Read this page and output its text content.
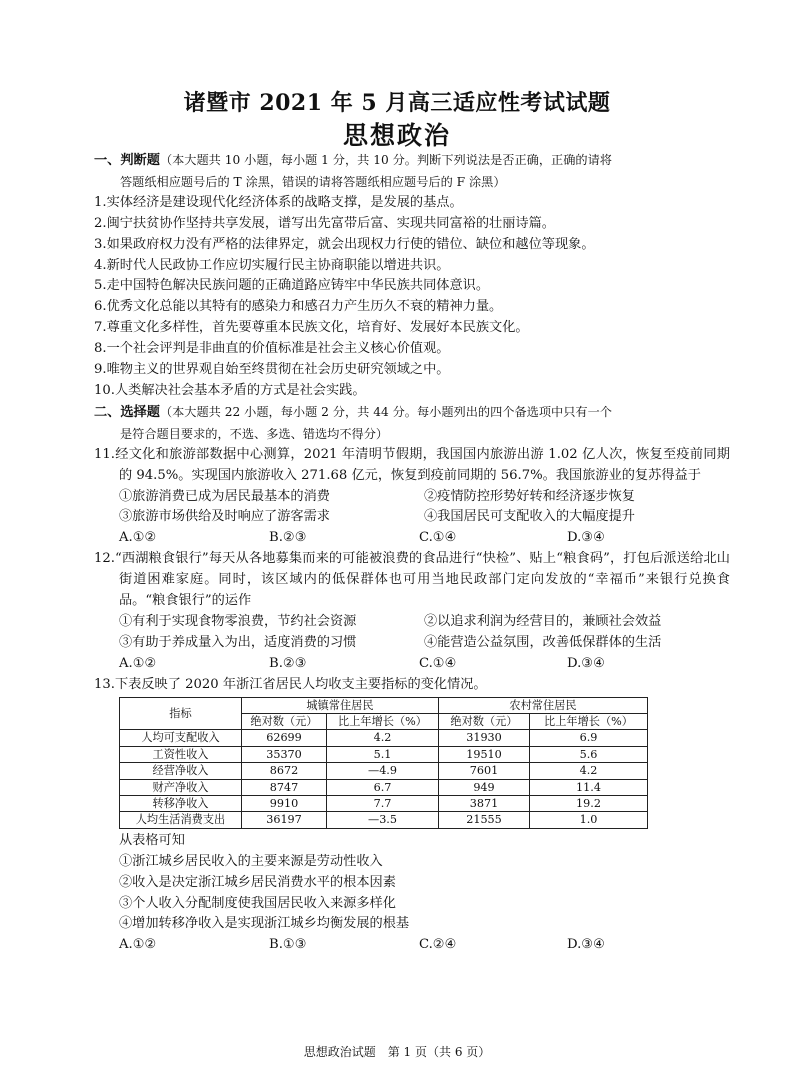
诸暨市 2021 年 5 月高三适应性考试试题
思想政治
一、判断题（本大题共 10 小题，每小题 1 分，共 10 分。判断下列说法是否正确，正确的请将
答题纸相应题号后的 T 涂黑，错误的请将答题纸相应题号后的 F 涂黑）
1.实体经济是建设现代化经济体系的战略支撑，是发展的基点。
2.闽宁扶贫协作坚持共享发展，谱写出先富带后富、实现共同富裕的壮丽诗篇。
3.如果政府权力没有严格的法律界定，就会出现权力行使的错位、缺位和越位等现象。
4.新时代人民政协工作应切实履行民主协商职能以增进共识。
5.走中国特色解决民族问题的正确道路应铸牢中华民族共同体意识。
6.优秀文化总能以其特有的感染力和感召力产生历久不衰的精神力量。
7.尊重文化多样性，首先要尊重本民族文化，培育好、发展好本民族文化。
8.一个社会评判是非曲直的价值标准是社会主义核心价值观。
9.唯物主义的世界观自始至终贯彻在社会历史研究领域之中。
10.人类解决社会基本矛盾的方式是社会实践。
二、选择题（本大题共 22 小题，每小题 2 分，共 44 分。每小题列出的四个备选项中只有一个
是符合题目要求的，不选、多选、错选均不得分）
11.经文化和旅游部数据中心测算，2021 年清明节假期，我国国内旅游出游 1.02 亿人次，恢复至疫前同期的 94.5%。实现国内旅游收入 271.68 亿元，恢复到疫前同期的 56.7%。我国旅游业的复苏得益于
①旅游消费已成为居民最基本的消费	②疫情防控形势好转和经济逐步恢复
③旅游市场供给及时响应了游客需求	④我国居民可支配收入的大幅度提升
A.①②	B.②③	C.①④	D.③④
12.“西湖粮食银行”每天从各地募集而来的可能被浪费的食品进行“快检”、贴上“粮食码”，打包后派送给北山街道困难家庭。同时，该区域内的低保群体也可用当地民政部门定向发放的“幸福币”来银行兑换食品。“粮食银行”的运作
①有利于实现食物零浪费，节约社会资源	②以追求利润为经营目的，兼顾社会效益
③有助于养成量入为出，适度消费的习惯	④能营造公益氛围，改善低保群体的生活
A.①②	B.②③	C.①④	D.③④
13.下表反映了 2020 年浙江省居民人均收支主要指标的变化情况。
指标	城镇常住居民		农村常住居民	
	绝对数（元）	比上年增长（%）	绝对数（元）	比上年增长（%）
人均可支配收入	62699	4.2	31930	6.9
工资性收入	35370	5.1	19510	5.6
经营净收入	8672	—4.9	7601	4.2
财产净收入	8747	6.7	949	11.4
转移净收入	9910	7.7	3871	19.2
人均生活消费支出	36197	—3.5	21555	1.0
从表格可知
①浙江城乡居民收入的主要来源是劳动性收入
②收入是决定浙江城乡居民消费水平的根本因素
③个人收入分配制度使我国居民收入来源多样化
④增加转移净收入是实现浙江城乡均衡发展的根基
A.①②	B.①③	C.②④	D.③④
思想政治试题　第 1 页（共 6 页）
